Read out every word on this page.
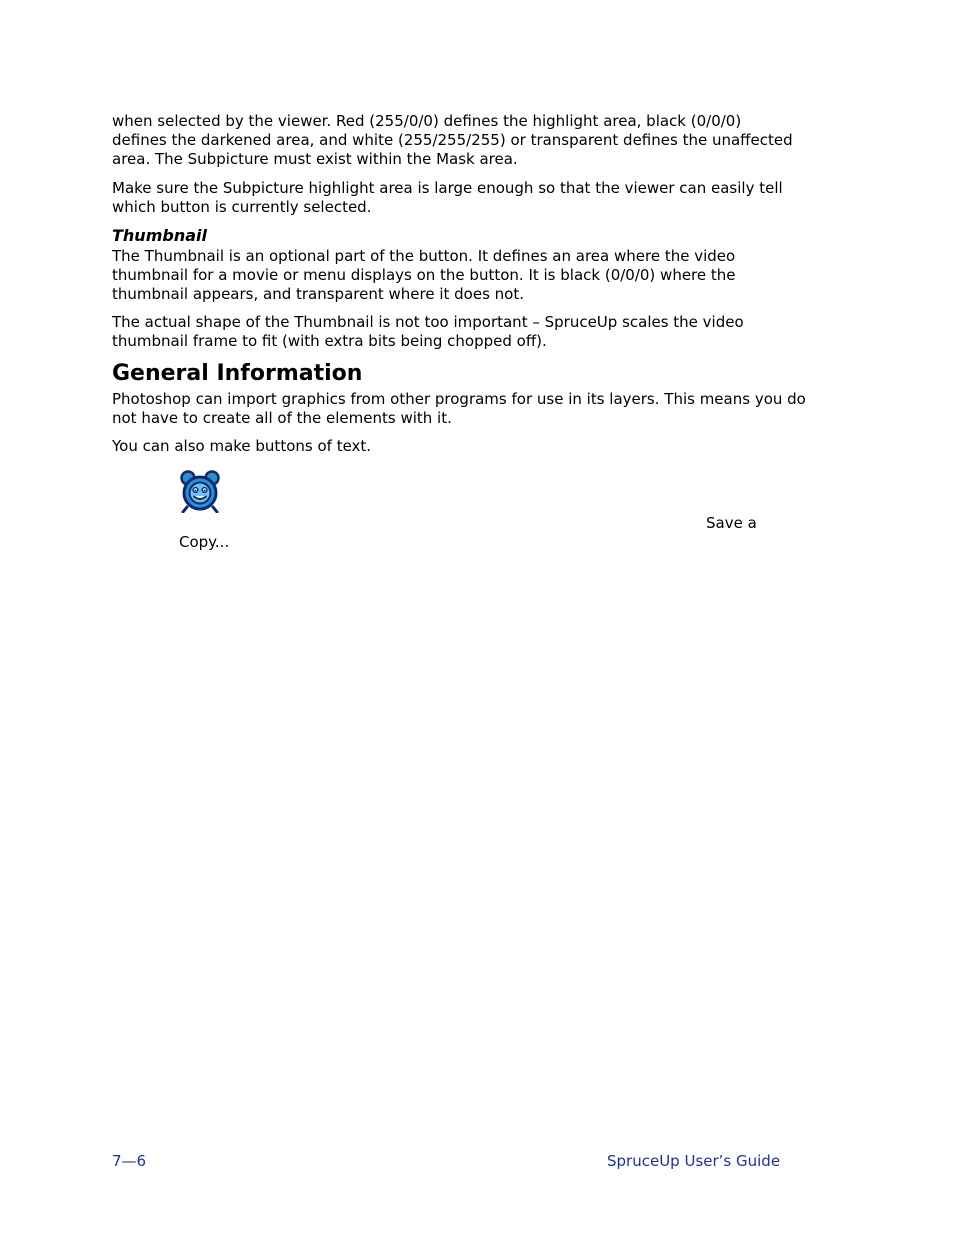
when selected by the viewer. Red (255/0/0) defines the highlight area, black (0/0/0)
defines the darkened area, and white (255/255/255) or transparent defines the unaffected
area. The Subpicture must exist within the Mask area.

Make sure the Subpicture highlight area is large enough so that the viewer can easily tell
which button is currently selected.

Thumbnail

The Thumbnail is an optional part of the button. It defines an area where the video
thumbnail for a movie or menu displays on the button. It is black (0/0/0) where the
thumbnail appears, and transparent where it does not.

The actual shape of the Thumbnail is not too important – SpruceUp scales the video
thumbnail frame to fit (with extra bits being chopped off).

General Information

Photoshop can import graphics from other programs for use in its layers. This means you do
not have to create all of the elements with it.

You can also make buttons of text.

Save a
Copy...
7—6	SpruceUp User’s Guide
